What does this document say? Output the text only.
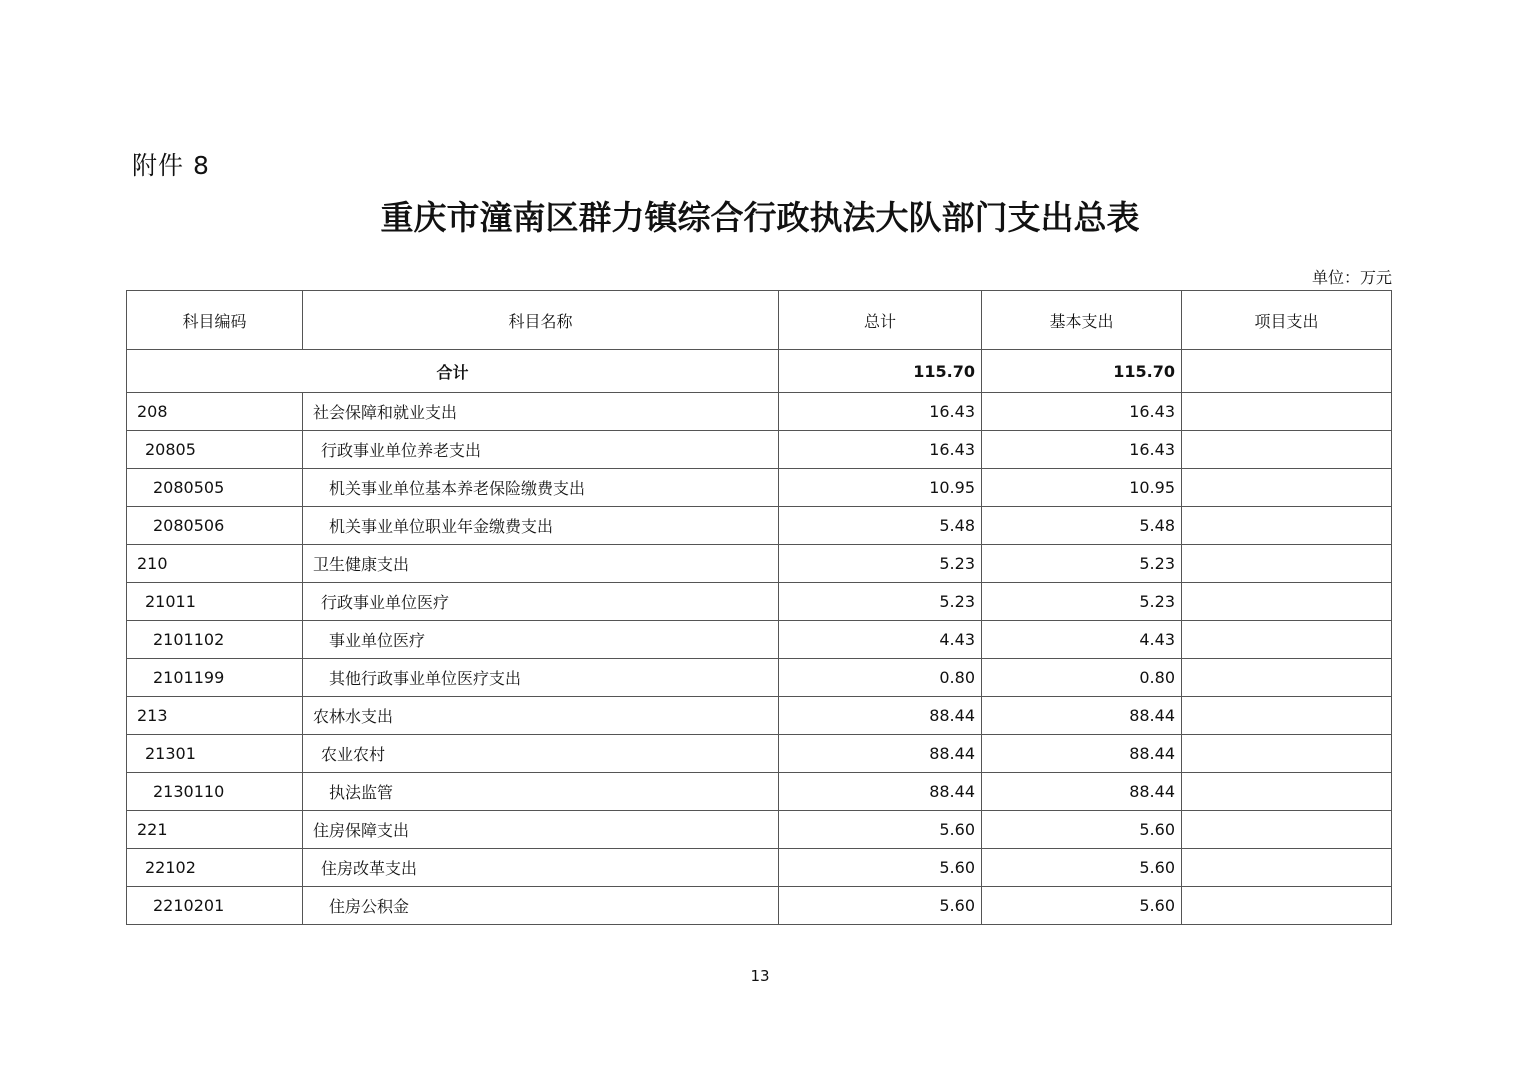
附件 8
重庆市潼南区群力镇综合行政执法大队部门支出总表
单位：万元
科目编码	科目名称	总计	基本支出	项目支出
合计		115.70	115.70	
208	社会保障和就业支出	16.43	16.43	
20805	行政事业单位养老支出	16.43	16.43	
2080505	机关事业单位基本养老保险缴费支出	10.95	10.95	
2080506	机关事业单位职业年金缴费支出	5.48	5.48	
210	卫生健康支出	5.23	5.23	
21011	行政事业单位医疗	5.23	5.23	
2101102	事业单位医疗	4.43	4.43	
2101199	其他行政事业单位医疗支出	0.80	0.80	
213	农林水支出	88.44	88.44	
21301	农业农村	88.44	88.44	
2130110	执法监管	88.44	88.44	
221	住房保障支出	5.60	5.60	
22102	住房改革支出	5.60	5.60	
2210201	住房公积金	5.60	5.60	
13
